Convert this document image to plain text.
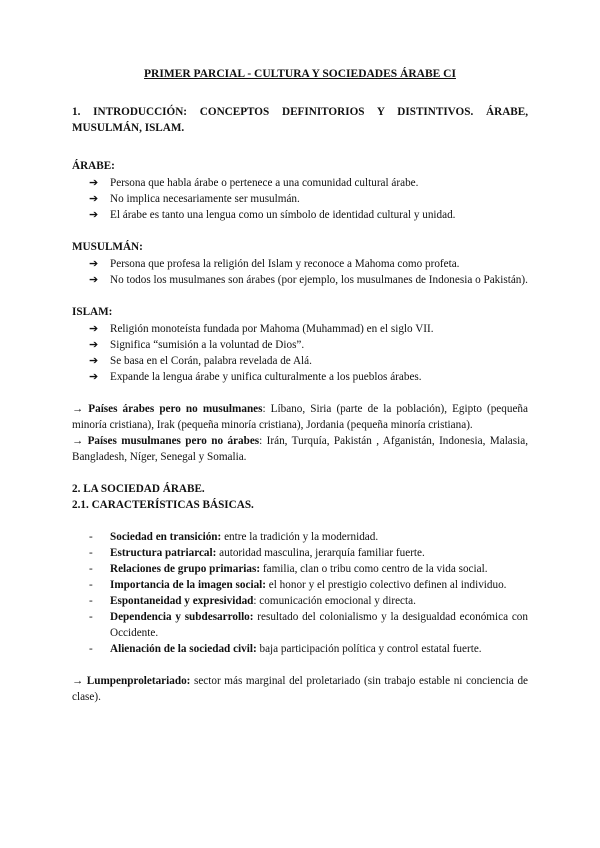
PRIMER PARCIAL - CULTURA Y SOCIEDADES ÁRABE CI
1. INTRODUCCIÓN: CONCEPTOS DEFINITORIOS Y DISTINTIVOS. ÁRABE, MUSULMÁN, ISLAM.
ÁRABE:
➔ Persona que habla árabe o pertenece a una comunidad cultural árabe.
➔ No implica necesariamente ser musulmán.
➔ El árabe es tanto una lengua como un símbolo de identidad cultural y unidad.
MUSULMÁN:
➔ Persona que profesa la religión del Islam y reconoce a Mahoma como profeta.
➔ No todos los musulmanes son árabes (por ejemplo, los musulmanes de Indonesia o Pakistán).
ISLAM:
➔ Religión monoteísta fundada por Mahoma (Muhammad) en el siglo VII.
➔ Significa “sumisión a la voluntad de Dios”.
➔ Se basa en el Corán, palabra revelada de Alá.
➔ Expande la lengua árabe y unifica culturalmente a los pueblos árabes.

→ Países árabes pero no musulmanes: Líbano, Siria (parte de la población), Egipto (pequeña minoría cristiana), Irak (pequeña minoría cristiana), Jordania (pequeña minoría cristiana).

→ Países musulmanes pero no árabes: Irán, Turquía, Pakistán , Afganistán, Indonesia, Malasia, Bangladesh, Níger, Senegal y Somalia.

2. LA SOCIEDAD ÁRABE.
2.1. CARACTERÍSTICAS BÁSICAS.
- Sociedad en transición: entre la tradición y la modernidad.
- Estructura patriarcal: autoridad masculina, jerarquía familiar fuerte.
- Relaciones de grupo primarias: familia, clan o tribu como centro de la vida social.
- Importancia de la imagen social: el honor y el prestigio colectivo definen al individuo.
- Espontaneidad y expresividad: comunicación emocional y directa.
- Dependencia y subdesarrollo: resultado del colonialismo y la desigualdad económica con Occidente.
- Alienación de la sociedad civil: baja participación política y control estatal fuerte.

→ Lumpenproletariado: sector más marginal del proletariado (sin trabajo estable ni conciencia de clase).
